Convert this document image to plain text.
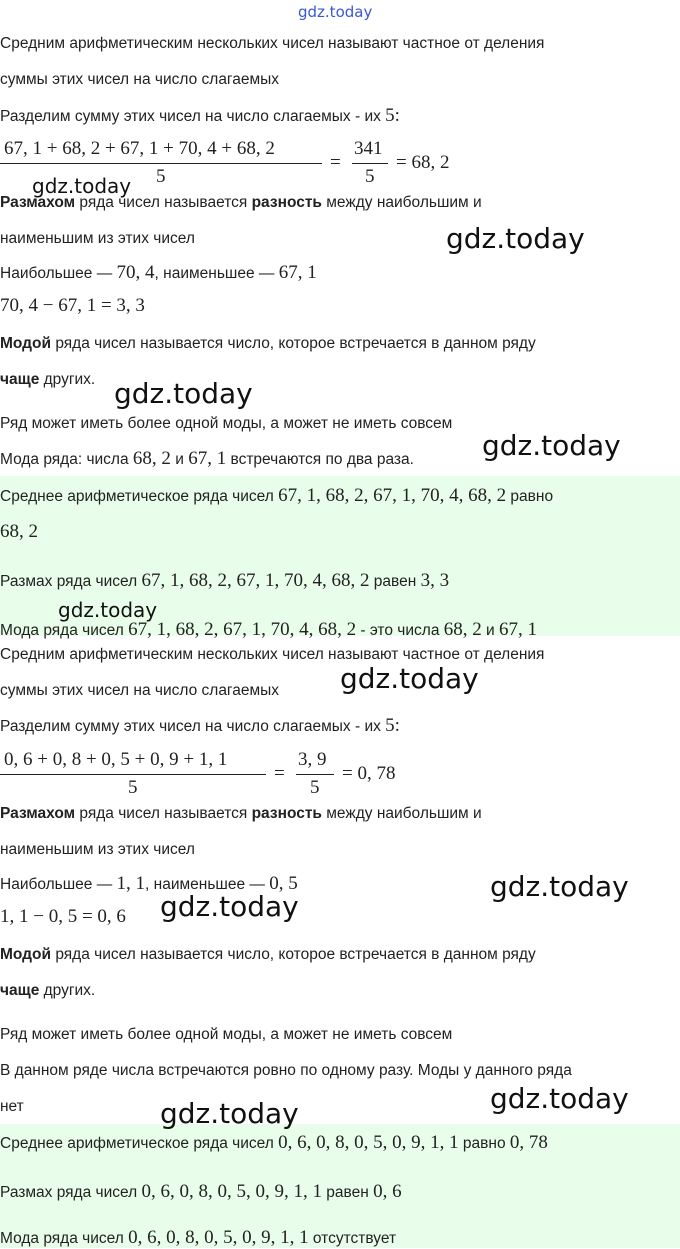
Средним арифметическим нескольких чисел называют частное от деления
суммы этих чисел на число слагаемых
Разделим сумму этих чисел на число слагаемых - их 5:
67, 1 + 68, 2 + 67, 1 + 70, 4 + 68, 2
5
=
341
5
= 68, 2
Размахом ряда чисел называется разность между наибольшим и
наименьшим из этих чисел
Наибольшее — 70, 4, наименьшее — 67, 1
70, 4 − 67, 1 = 3, 3
Модой ряда чисел называется число, которое встречается в данном ряду
чаще других.
Ряд может иметь более одной моды, а может не иметь совсем
Мода ряда: числа 68, 2 и 67, 1 встречаются по два раза.
Среднее арифметическое ряда чисел 67, 1, 68, 2, 67, 1, 70, 4, 68, 2 равно
68, 2
Размах ряда чисел 67, 1, 68, 2, 67, 1, 70, 4, 68, 2 равен 3, 3
Мода ряда чисел 67, 1, 68, 2, 67, 1, 70, 4, 68, 2 - это числа 68, 2 и 67, 1
Средним арифметическим нескольких чисел называют частное от деления
суммы этих чисел на число слагаемых
Разделим сумму этих чисел на число слагаемых - их 5:
0, 6 + 0, 8 + 0, 5 + 0, 9 + 1, 1
5
=
3, 9
5
= 0, 78
Размахом ряда чисел называется разность между наибольшим и
наименьшим из этих чисел
Наибольшее — 1, 1, наименьшее — 0, 5
1, 1 − 0, 5 = 0, 6
Модой ряда чисел называется число, которое встречается в данном ряду
чаще других.
Ряд может иметь более одной моды, а может не иметь совсем
В данном ряде числа встречаются ровно по одному разу. Моды у данного ряда
нет
Среднее арифметическое ряда чисел 0, 6, 0, 8, 0, 5, 0, 9, 1, 1 равно 0, 78
Размах ряда чисел 0, 6, 0, 8, 0, 5, 0, 9, 1, 1 равен 0, 6
Мода ряда чисел 0, 6, 0, 8, 0, 5, 0, 9, 1, 1 отсутствует
gdz.today
gdz.today
gdz.today
gdz.today
gdz.today
gdz.today
gdz.today
gdz.today
gdz.today
gdz.today
gdz.today
